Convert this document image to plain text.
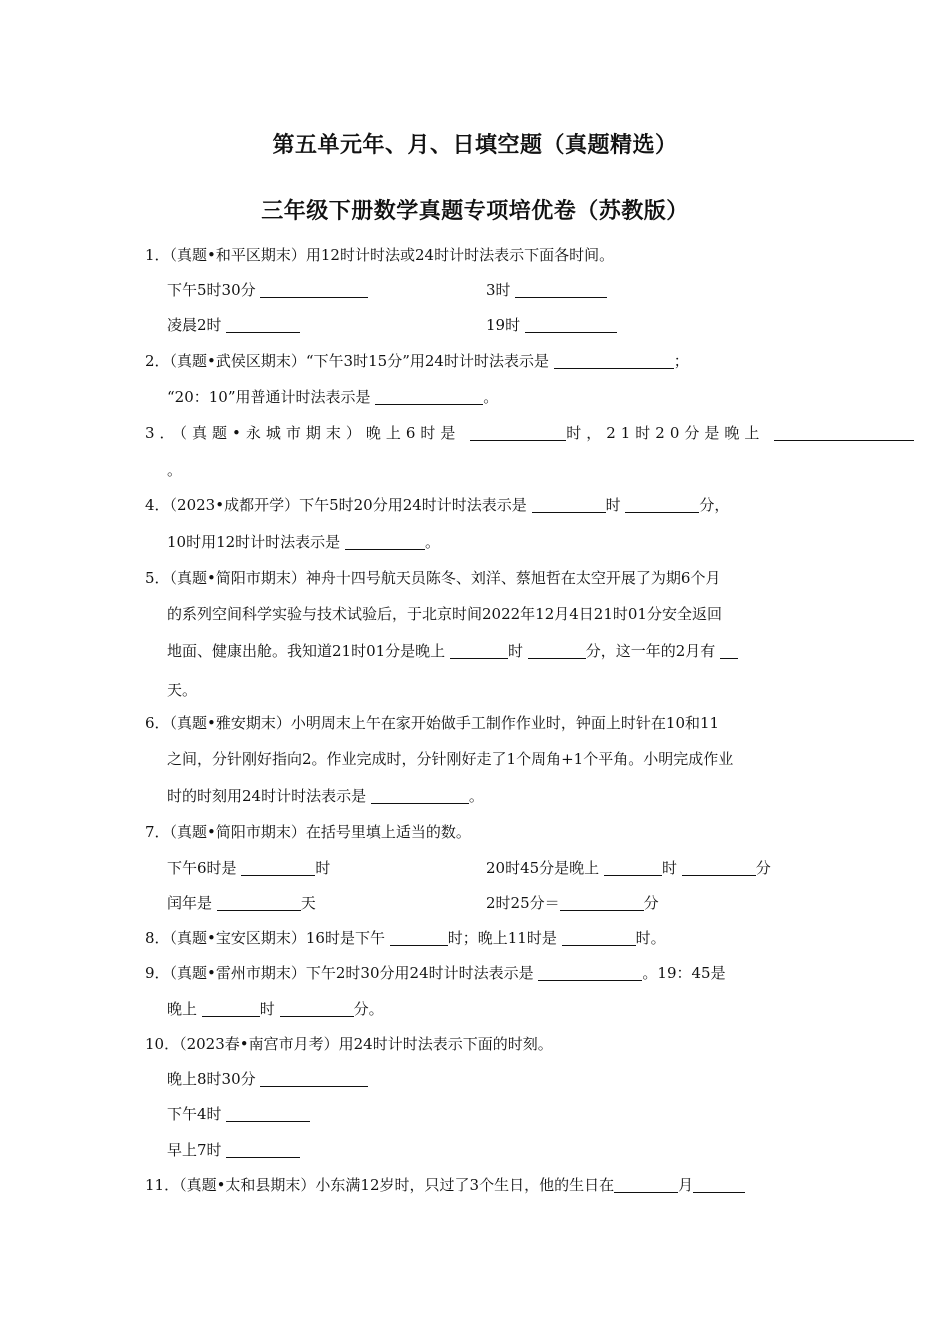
第五单元年、月、日填空题（真题精选）
三年级下册数学真题专项培优卷（苏教版）
1．（真题•和平区期末）用12时计时法或24时计时法表示下面各时间。
下午5时30分	3时
凌晨2时	19时
2．（真题•武侯区期末）“下午3时15分”用24时计时法表示是	；
“20：10”用普通计时法表示是	。
3．（真题•永城市期末）晚上6时是	时，21时20分是晚上
。
4．（2023•成都开学）下午5时20分用24时计时法表示是	时	分，
10时用12时计时法表示是	。
5．（真题•简阳市期末）神舟十四号航天员陈冬、刘洋、蔡旭哲在太空开展了为期6个月
的系列空间科学实验与技术试验后，于北京时间2022年12月4日21时01分安全返回
地面、健康出舱。我知道21时01分是晚上	时	分，这一年的2月有
天。
6．（真题•雅安期末）小明周末上午在家开始做手工制作作业时，钟面上时针在10和11
之间，分针刚好指向2。作业完成时，分针刚好走了1个周角+1个平角。小明完成作业
时的时刻用24时计时法表示是	。
7．（真题•简阳市期末）在括号里填上适当的数。
下午6时是	时	20时45分是晚上	时	分
闰年是	天	2时25分＝	分
8．（真题•宝安区期末）16时是下午	时；晚上11时是	时。
9．（真题•雷州市期末）下午2时30分用24时计时法表示是	。19：45是
晚上	时	分。
10．（2023春•南宫市月考）用24时计时法表示下面的时刻。
晚上8时30分
下午4时
早上7时
11．（真题•太和县期末）小东满12岁时，只过了3个生日，他的生日在	月
